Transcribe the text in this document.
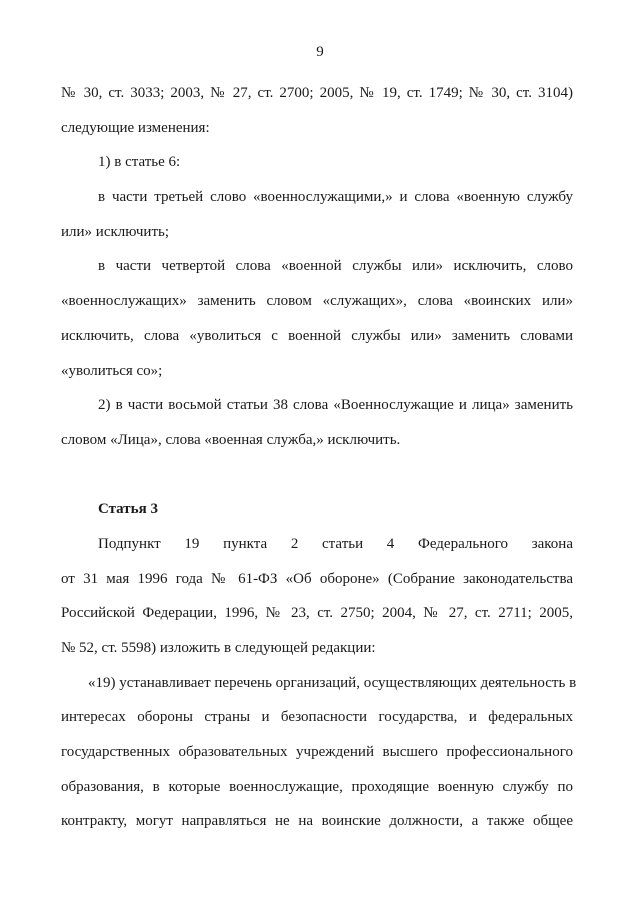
9
№ 30, ст. 3033; 2003, № 27, ст. 2700; 2005, № 19, ст. 1749; № 30, ст. 3104)
следующие изменения:
1) в статье 6:
в части третьей слово «военнослужащими,» и слова «военную службу
или» исключить;
в части четвертой слова «военной службы или» исключить, слово
«военнослужащих» заменить словом «служащих», слова «воинских или»
исключить, слова «уволиться с военной службы или» заменить словами
«уволиться со»;
2) в части восьмой статьи 38 слова «Военнослужащие и лица» заменить
словом «Лица», слова «военная служба,» исключить.
Статья 3
Подпункт 19 пункта 2 статьи 4 Федерального закона
от 31 мая 1996 года № 61-ФЗ «Об обороне» (Собрание законодательства
Российской Федерации, 1996, № 23, ст. 2750; 2004, № 27, ст. 2711; 2005,
№ 52, ст. 5598) изложить в следующей редакции:
«19) устанавливает перечень организаций, осуществляющих деятельность в
интересах обороны страны и безопасности государства, и федеральных
государственных образовательных учреждений высшего профессионального
образования, в которые военнослужащие, проходящие военную службу по
контракту, могут направляться не на воинские должности, а также общее
